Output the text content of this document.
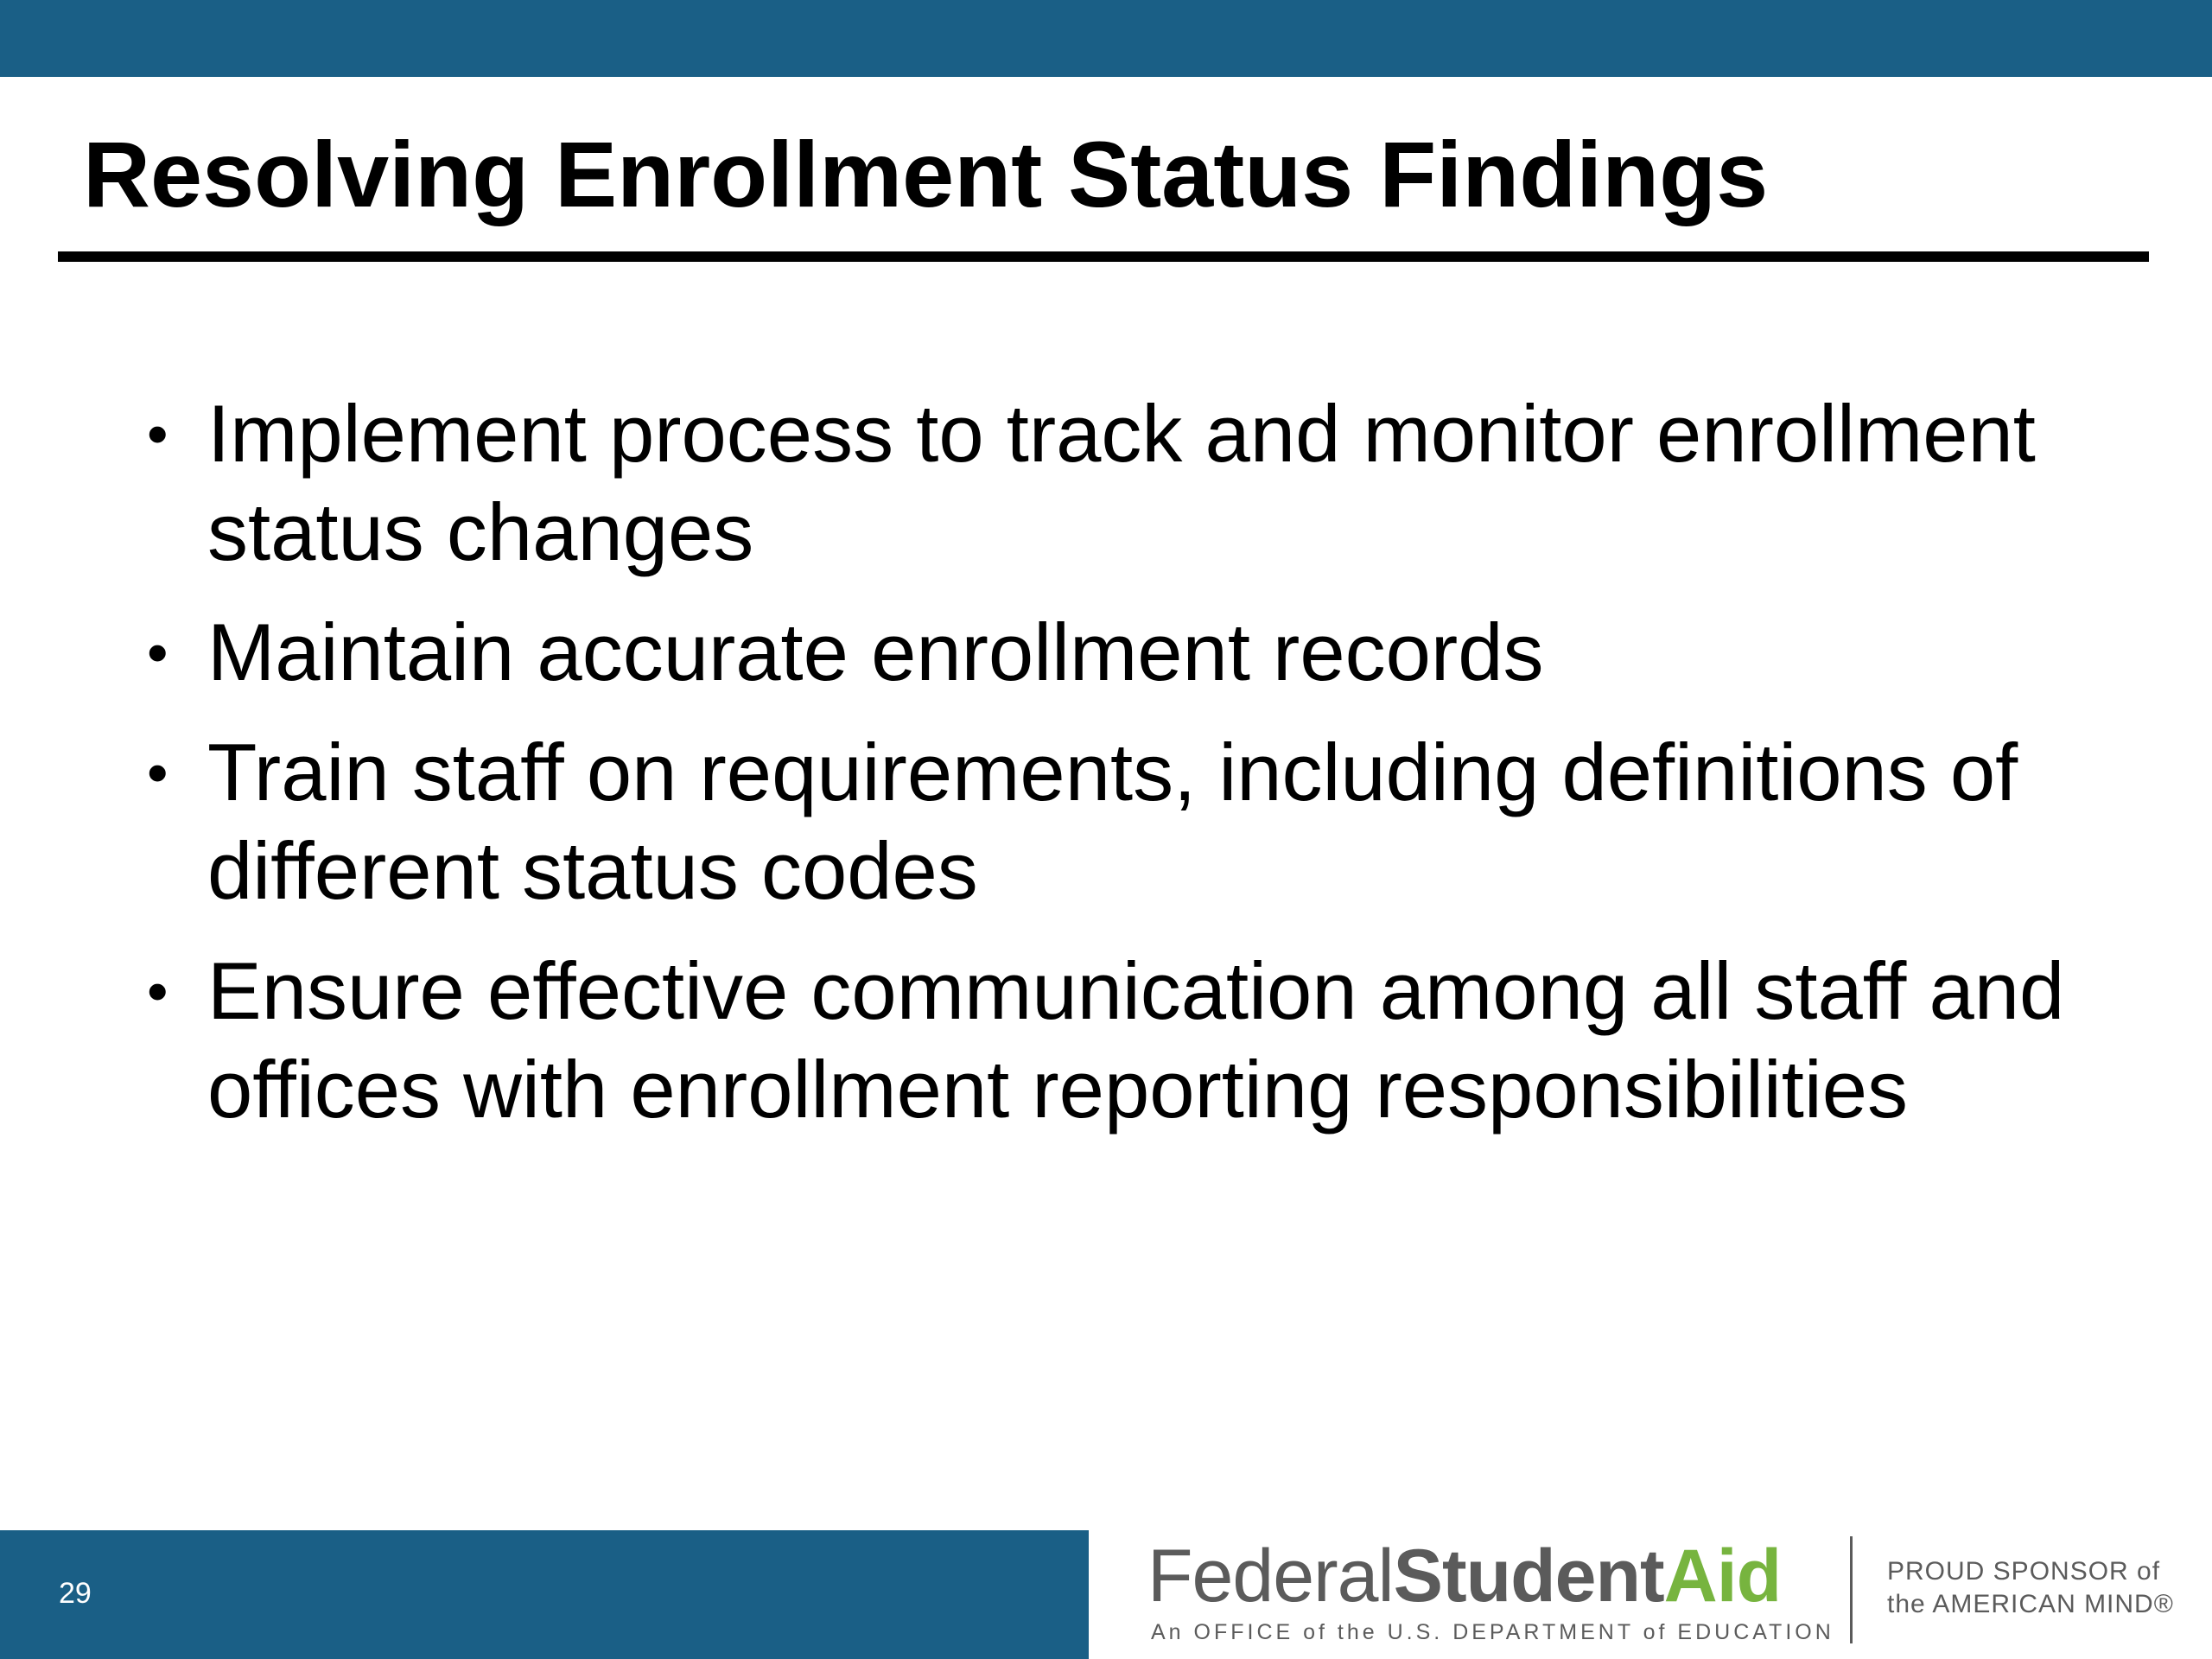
Resolving Enrollment Status Findings
• Implement process to track and monitor enrollment status changes
• Maintain accurate enrollment records
• Train staff on requirements, including definitions of different status codes
• Ensure effective communication among all staff and offices with enrollment reporting responsibilities
29	FederalStudentAid
An OFFICE of the U.S. DEPARTMENT of EDUCATION
PROUD SPONSOR of
the AMERICAN MIND®
